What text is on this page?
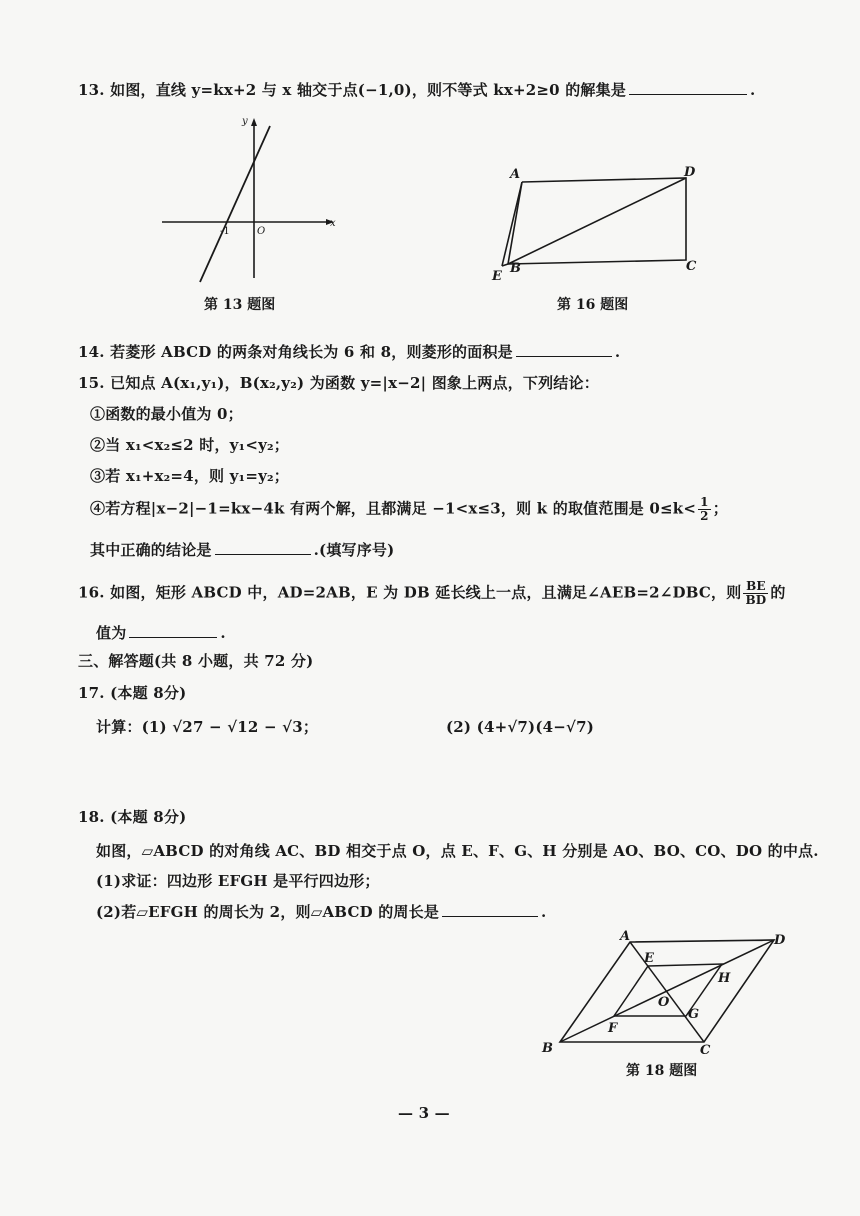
13. 如图，直线 y=kx+2 与 x 轴交于点(−1,0)，则不等式 kx+2≥0 的解集是	.
x
y
O
-1
第 13 题图
A	D
C
B
E
第 16 题图
14. 若菱形 ABCD 的两条对角线长为 6 和 8，则菱形的面积是	.
15. 已知点 A(x₁,y₁)，B(x₂,y₂) 为函数 y=|x−2| 图象上两点，下列结论：
①函数的最小值为 0；
②当 x₁<x₂≤2 时，y₁<y₂；
③若 x₁+x₂=4，则 y₁=y₂；
④若方程|x−2|−1=kx−4k 有两个解，且都满足 −1<x≤3，则 k 的取值范围是 $0\le k< \frac{1}{2}$ ；
其中正确的结论是	.(填写序号)
16. 如图，矩形 ABCD 中，AD=2AB，E 为 DB 延长线上一点，且满足∠AEB=2∠DBC，则 $\frac{BE}{BD}$ 的
值为	.
三、解答题(共 8 小题，共 72 分)
17. (本题 8分)
计算：(1) √27 − √12 − √3；	(2) (4+√7)(4−√7)
18. (本题 8分)
如图，▱ABCD 的对角线 AC、BD 相交于点 O，点 E、F、G、H 分别是 AO、BO、CO、DO 的中点.
(1)求证：四边形 EFGH 是平行四边形；
(2)若▱EFGH 的周长为 2，则▱ABCD 的周长是	.
A	D
B	C
E
H
F
G
O
第 18 题图
— 3 —
